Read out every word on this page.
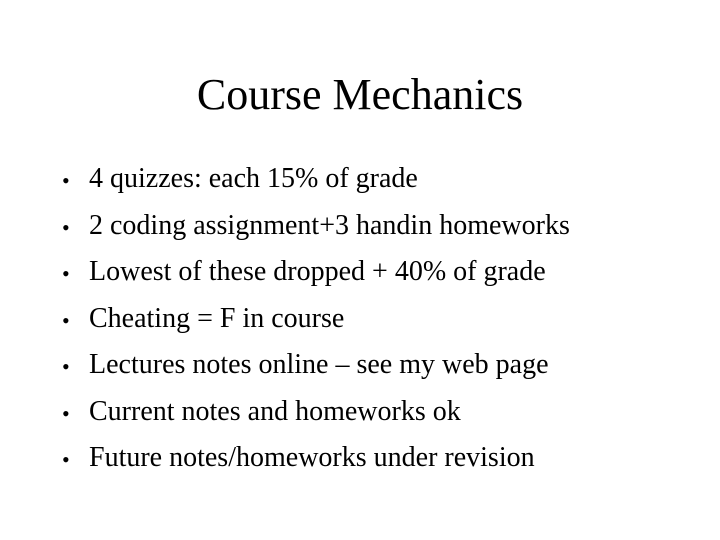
Course Mechanics
• 4 quizzes: each 15% of grade
• 2 coding assignment+3 handin homeworks
• Lowest of these dropped + 40% of grade
• Cheating = F in course
• Lectures notes online – see my web page
• Current notes and homeworks ok
• Future notes/homeworks under revision
